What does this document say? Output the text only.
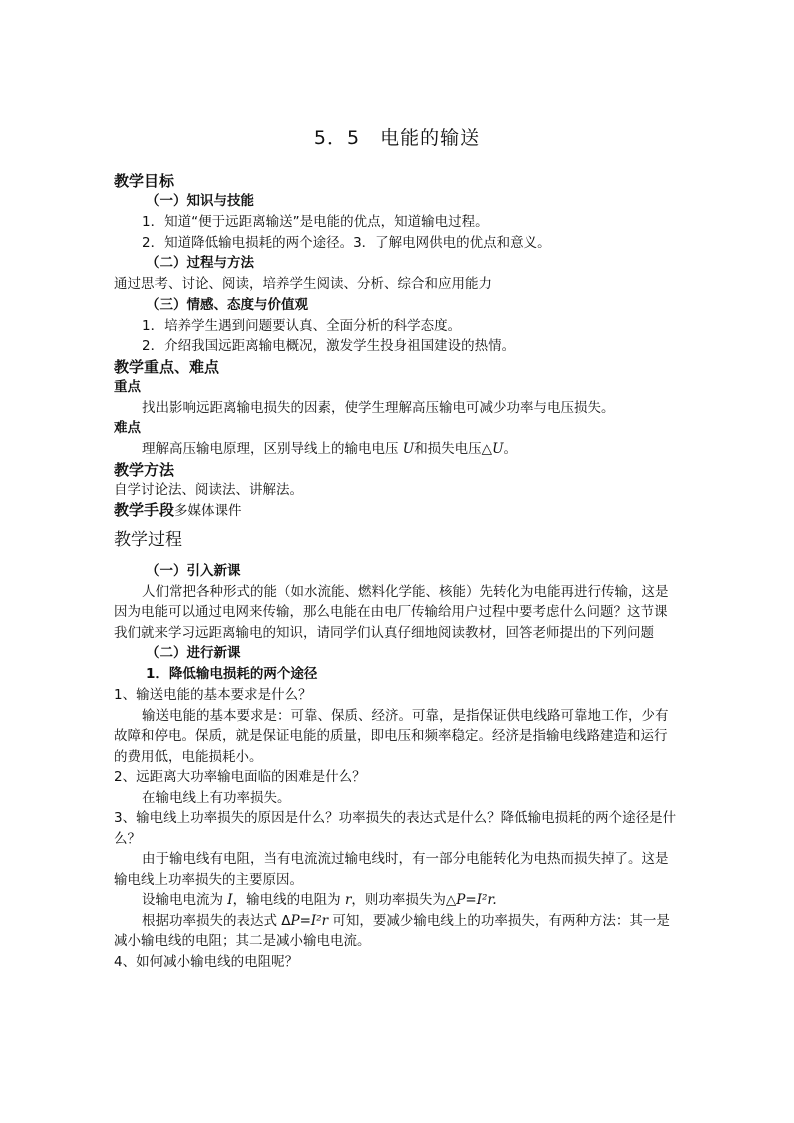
5．5　电能的输送
教学目标
（一）知识与技能
1．知道“便于远距离输送”是电能的优点，知道输电过程。
2．知道降低输电损耗的两个途径。3．了解电网供电的优点和意义。
（二）过程与方法
通过思考、讨论、阅读，培养学生阅读、分析、综合和应用能力
（三）情感、态度与价值观
1．培养学生遇到问题要认真、全面分析的科学态度。
2．介绍我国远距离输电概况，激发学生投身祖国建设的热情。
教学重点、难点
重点
找出影响远距离输电损失的因素，使学生理解高压输电可减少功率与电压损失。
难点
理解高压输电原理，区别导线上的输电电压 U和损失电压△U。
教学方法
自学讨论法、阅读法、讲解法。
教学手段多媒体课件
教学过程
（一）引入新课
人们常把各种形式的能（如水流能、燃料化学能、核能）先转化为电能再进行传输，这是因为电能可以通过电网来传输，那么电能在由电厂传输给用户过程中要考虑什么问题？这节课我们就来学习远距离输电的知识，请同学们认真仔细地阅读教材，回答老师提出的下列问题
（二）进行新课
1．降低输电损耗的两个途径
1、输送电能的基本要求是什么？
输送电能的基本要求是：可靠、保质、经济。可靠，是指保证供电线路可靠地工作，少有故障和停电。保质，就是保证电能的质量，即电压和频率稳定。经济是指输电线路建造和运行的费用低，电能损耗小。
2、远距离大功率输电面临的困难是什么？
在输电线上有功率损失。
3、输电线上功率损失的原因是什么？功率损失的表达式是什么？降低输电损耗的两个途径是什么？
由于输电线有电阻，当有电流流过输电线时，有一部分电能转化为电热而损失掉了。这是输电线上功率损失的主要原因。
设输电电流为 I，输电线的电阻为 r，则功率损失为△P=I²r.
根据功率损失的表达式 ΔP=I²r 可知，要减少输电线上的功率损失，有两种方法：其一是减小输电线的电阻；其二是减小输电电流。
4、如何减小输电线的电阻呢？
